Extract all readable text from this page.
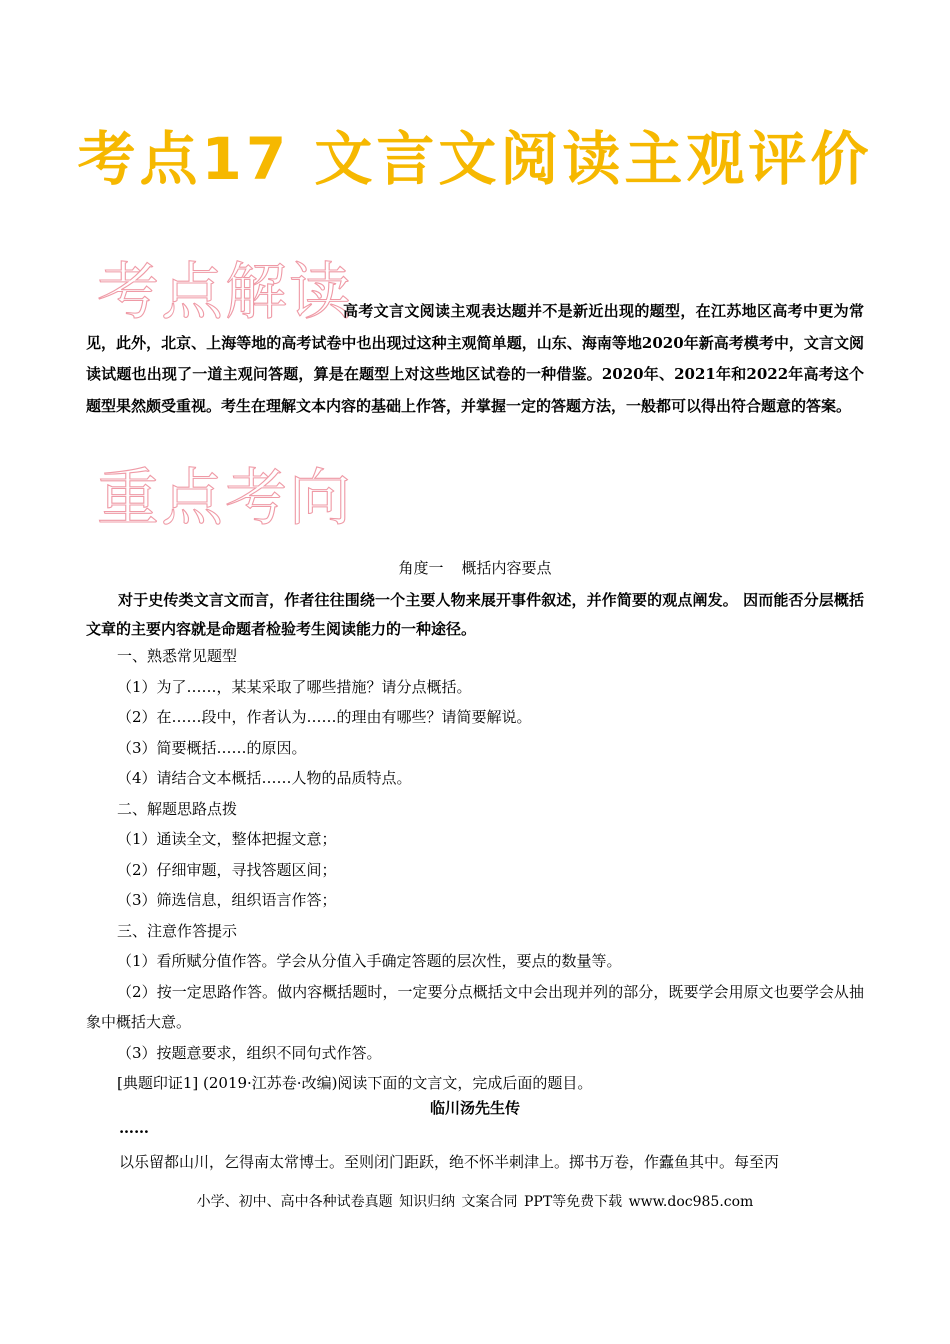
考点17 文言文阅读主观评价
考点解读
高考文言文阅读主观表达题并不是新近出现的题型，在江苏地区高考中更为常见，此外，北京、上海等地的高考试卷中也出现过这种主观简单题，山东、海南等地2020年新高考模考中，文言文阅读试题也出现了一道主观问答题，算是在题型上对这些地区试卷的一种借鉴。2020年、2021年和2022年高考这个题型果然颇受重视。考生在理解文本内容的基础上作答，并掌握一定的答题方法，一般都可以得出符合题意的答案。
重点考向
角度一 概括内容要点
对于史传类文言文而言，作者往往围绕一个主要人物来展开事件叙述，并作简要的观点阐发。 因而能否分层概括文章的主要内容就是命题者检验考生阅读能力的一种途径。
一、熟悉常见题型
（1）为了……，某某采取了哪些措施？请分点概括。
（2）在……段中，作者认为……的理由有哪些？请简要解说。
（3）简要概括……的原因。
（4）请结合文本概括……人物的品质特点。
二、解题思路点拨
（1）通读全文，整体把握文意；
（2）仔细审题，寻找答题区间；
（3）筛选信息，组织语言作答；
三、注意作答提示
（1）看所赋分值作答。学会从分值入手确定答题的层次性，要点的数量等。
（2）按一定思路作答。做内容概括题时，一定要分点概括文中会出现并列的部分，既要学会用原文也要学会从抽象中概括大意。
（3）按题意要求，组织不同句式作答。
[典题印证1] (2019·江苏卷·改编)阅读下面的文言文，完成后面的题目。
临川汤先生传
……
以乐留都山川，乞得南太常博士。至则闭门距跃，绝不怀半刺津上。掷书万卷，作蠹鱼其中。每至丙
小学、初中、高中各种试卷真题 知识归纳 文案合同 PPT等免费下载 www.doc985.com
